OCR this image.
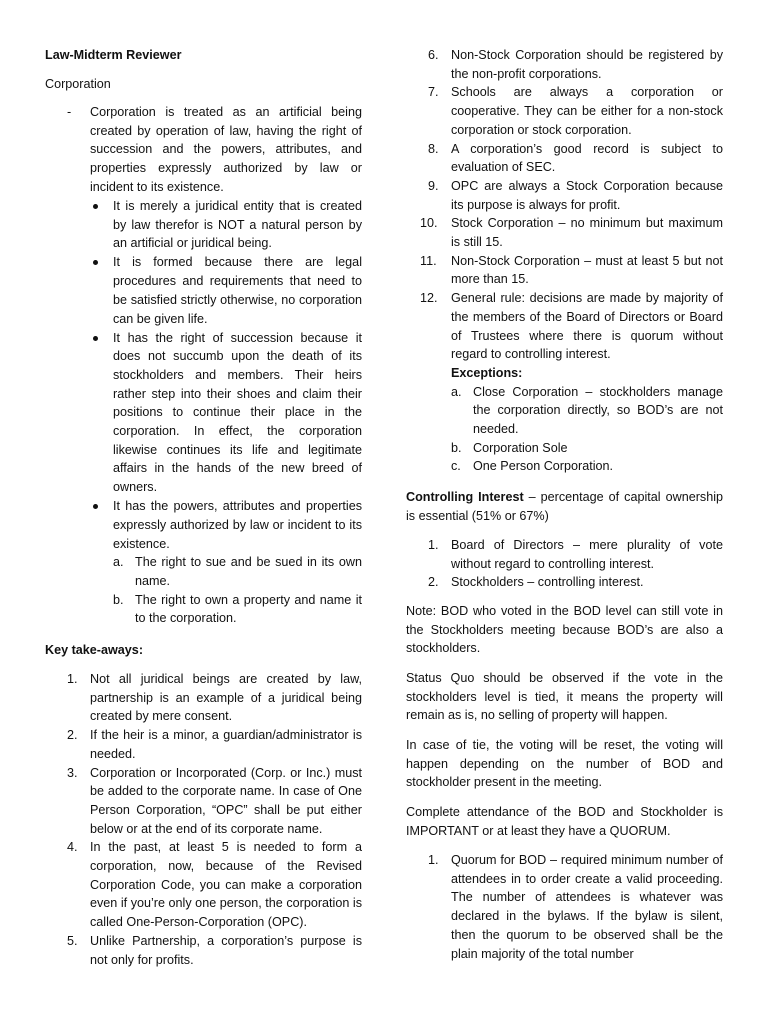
Law-Midterm Reviewer
Corporation
- Corporation is treated as an artificial being created by operation of law, having the right of succession and the powers, attributes, and properties expressly authorized by law or incident to its existence.
It is merely a juridical entity that is created by law therefor is NOT a natural person by an artificial or juridical being.
It is formed because there are legal procedures and requirements that need to be satisfied strictly otherwise, no corporation can be given life.
It has the right of succession because it does not succumb upon the death of its stockholders and members. Their heirs rather step into their shoes and claim their positions to continue their place in the corporation. In effect, the corporation likewise continues its life and legitimate affairs in the hands of the new breed of owners.
It has the powers, attributes and properties expressly authorized by law or incident to its existence.
a. The right to sue and be sued in its own name.
b. The right to own a property and name it to the corporation.
Key take-aways:
1. Not all juridical beings are created by law, partnership is an example of a juridical being created by mere consent.
2. If the heir is a minor, a guardian/administrator is needed.
3. Corporation or Incorporated (Corp. or Inc.) must be added to the corporate name. In case of One Person Corporation, “OPC” shall be put either below or at the end of its corporate name.
4. In the past, at least 5 is needed to form a corporation, now, because of the Revised Corporation Code, you can make a corporation even if you’re only one person, the corporation is called One-Person-Corporation (OPC).
5. Unlike Partnership, a corporation’s purpose is not only for profits.
6. Non-Stock Corporation should be registered by the non-profit corporations.
7. Schools are always a corporation or cooperative. They can be either for a non-stock corporation or stock corporation.
8. A corporation’s good record is subject to evaluation of SEC.
9. OPC are always a Stock Corporation because its purpose is always for profit.
10. Stock Corporation – no minimum but maximum is still 15.
11. Non-Stock Corporation – must at least 5 but not more than 15.
12. General rule: decisions are made by majority of the members of the Board of Directors or Board of Trustees where there is quorum without regard to controlling interest.
Exceptions:
a. Close Corporation – stockholders manage the corporation directly, so BOD’s are not needed.
b. Corporation Sole
c. One Person Corporation.
Controlling Interest – percentage of capital ownership is essential (51% or 67%)
1. Board of Directors – mere plurality of vote without regard to controlling interest.
2. Stockholders – controlling interest.
Note: BOD who voted in the BOD level can still vote in the Stockholders meeting because BOD’s are also a stockholders.
Status Quo should be observed if the vote in the stockholders level is tied, it means the property will remain as is, no selling of property will happen.
In case of tie, the voting will be reset, the voting will happen depending on the number of BOD and stockholder present in the meeting.
Complete attendance of the BOD and Stockholder is IMPORTANT or at least they have a QUORUM.
1. Quorum for BOD – required minimum number of attendees in to order create a valid proceeding. The number of attendees is whatever was declared in the bylaws. If the bylaw is silent, then the quorum to be observed shall be the plain majority of the total number
